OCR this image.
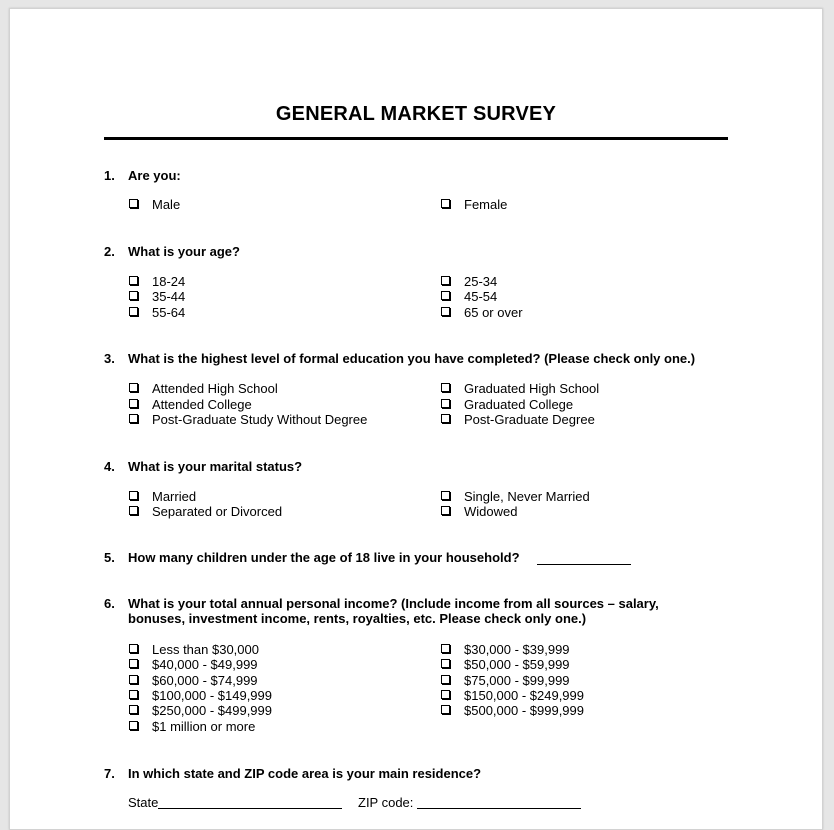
GENERAL MARKET SURVEY
1. Are you:
Male	Female
2. What is your age?
18-24
35-44
55-64
25-34
45-54
65 or over
3. What is the highest level of formal education you have completed? (Please check only one.)
Attended High School
Attended College
Post-Graduate Study Without Degree
Graduated High School
Graduated College
Post-Graduate Degree
4. What is your marital status?
Married
Separated or Divorced
Single, Never Married
Widowed
5. How many children under the age of 18 live in your household?
6. What is your total annual personal income? (Include income from all sources – salary,
bonuses, investment income, rents, royalties, etc. Please check only one.)
Less than $30,000
$40,000 - $49,999
$60,000 - $74,999
$100,000 - $149,999
$250,000 - $499,999
$1 million or more
$30,000 - $39,999
$50,000 - $59,999
$75,000 - $99,999
$150,000 - $249,999
$500,000 - $999,999
7. In which state and ZIP code area is your main residence?
State	ZIP code:
